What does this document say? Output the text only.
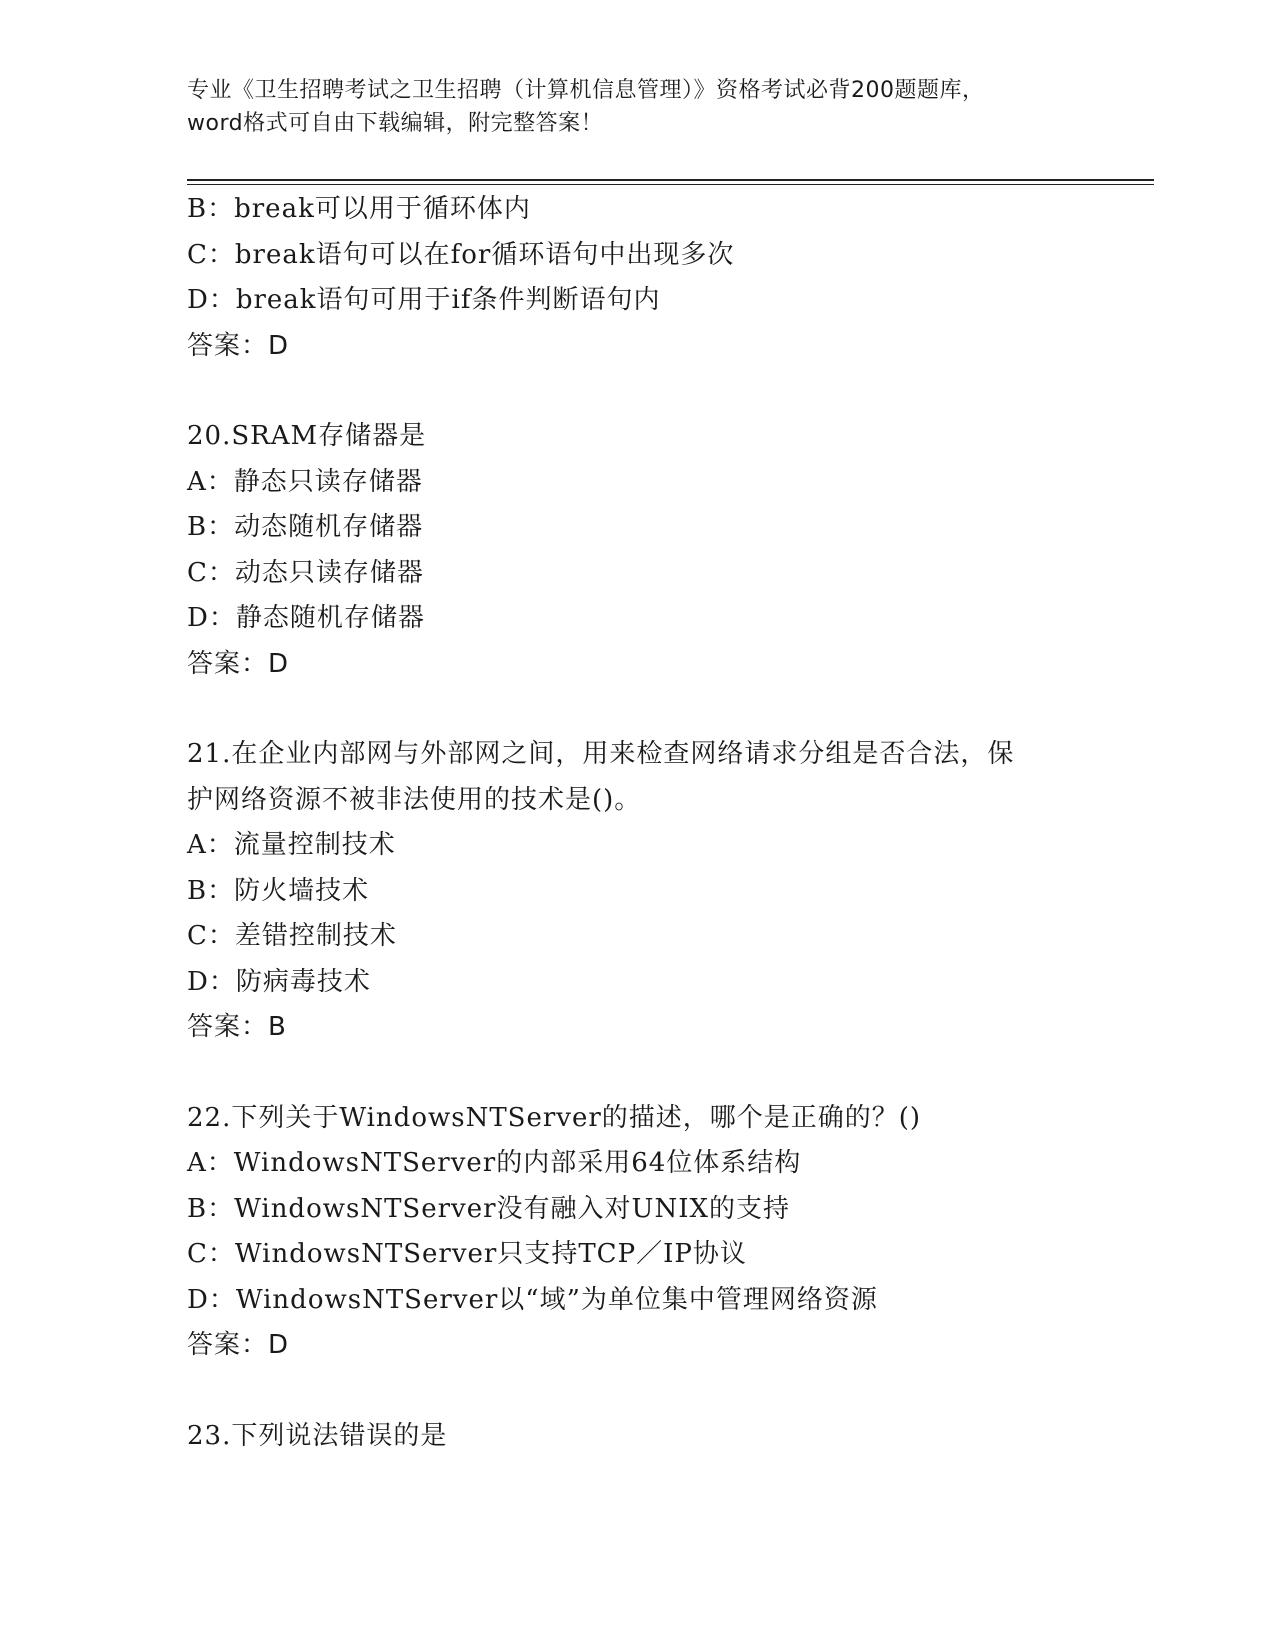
专业《卫生招聘考试之卫生招聘（计算机信息管理）》资格考试必背200题题库，
word格式可自由下载编辑，附完整答案！
B：break可以用于循环体内
C：break语句可以在for循环语句中出现多次
D：break语句可用于if条件判断语句内
答案：D
20.SRAM存储器是
A：静态只读存储器
B：动态随机存储器
C：动态只读存储器
D：静态随机存储器
答案：D
21.在企业内部网与外部网之间，用来检查网络请求分组是否合法，保
护网络资源不被非法使用的技术是()。
A：流量控制技术
B：防火墙技术
C：差错控制技术
D：防病毒技术
答案：B
22.下列关于WindowsNTServer的描述，哪个是正确的？()
A：WindowsNTServer的内部采用64位体系结构
B：WindowsNTServer没有融入对UNIX的支持
C：WindowsNTServer只支持TCP／IP协议
D：WindowsNTServer以“域”为单位集中管理网络资源
答案：D
23.下列说法错误的是
